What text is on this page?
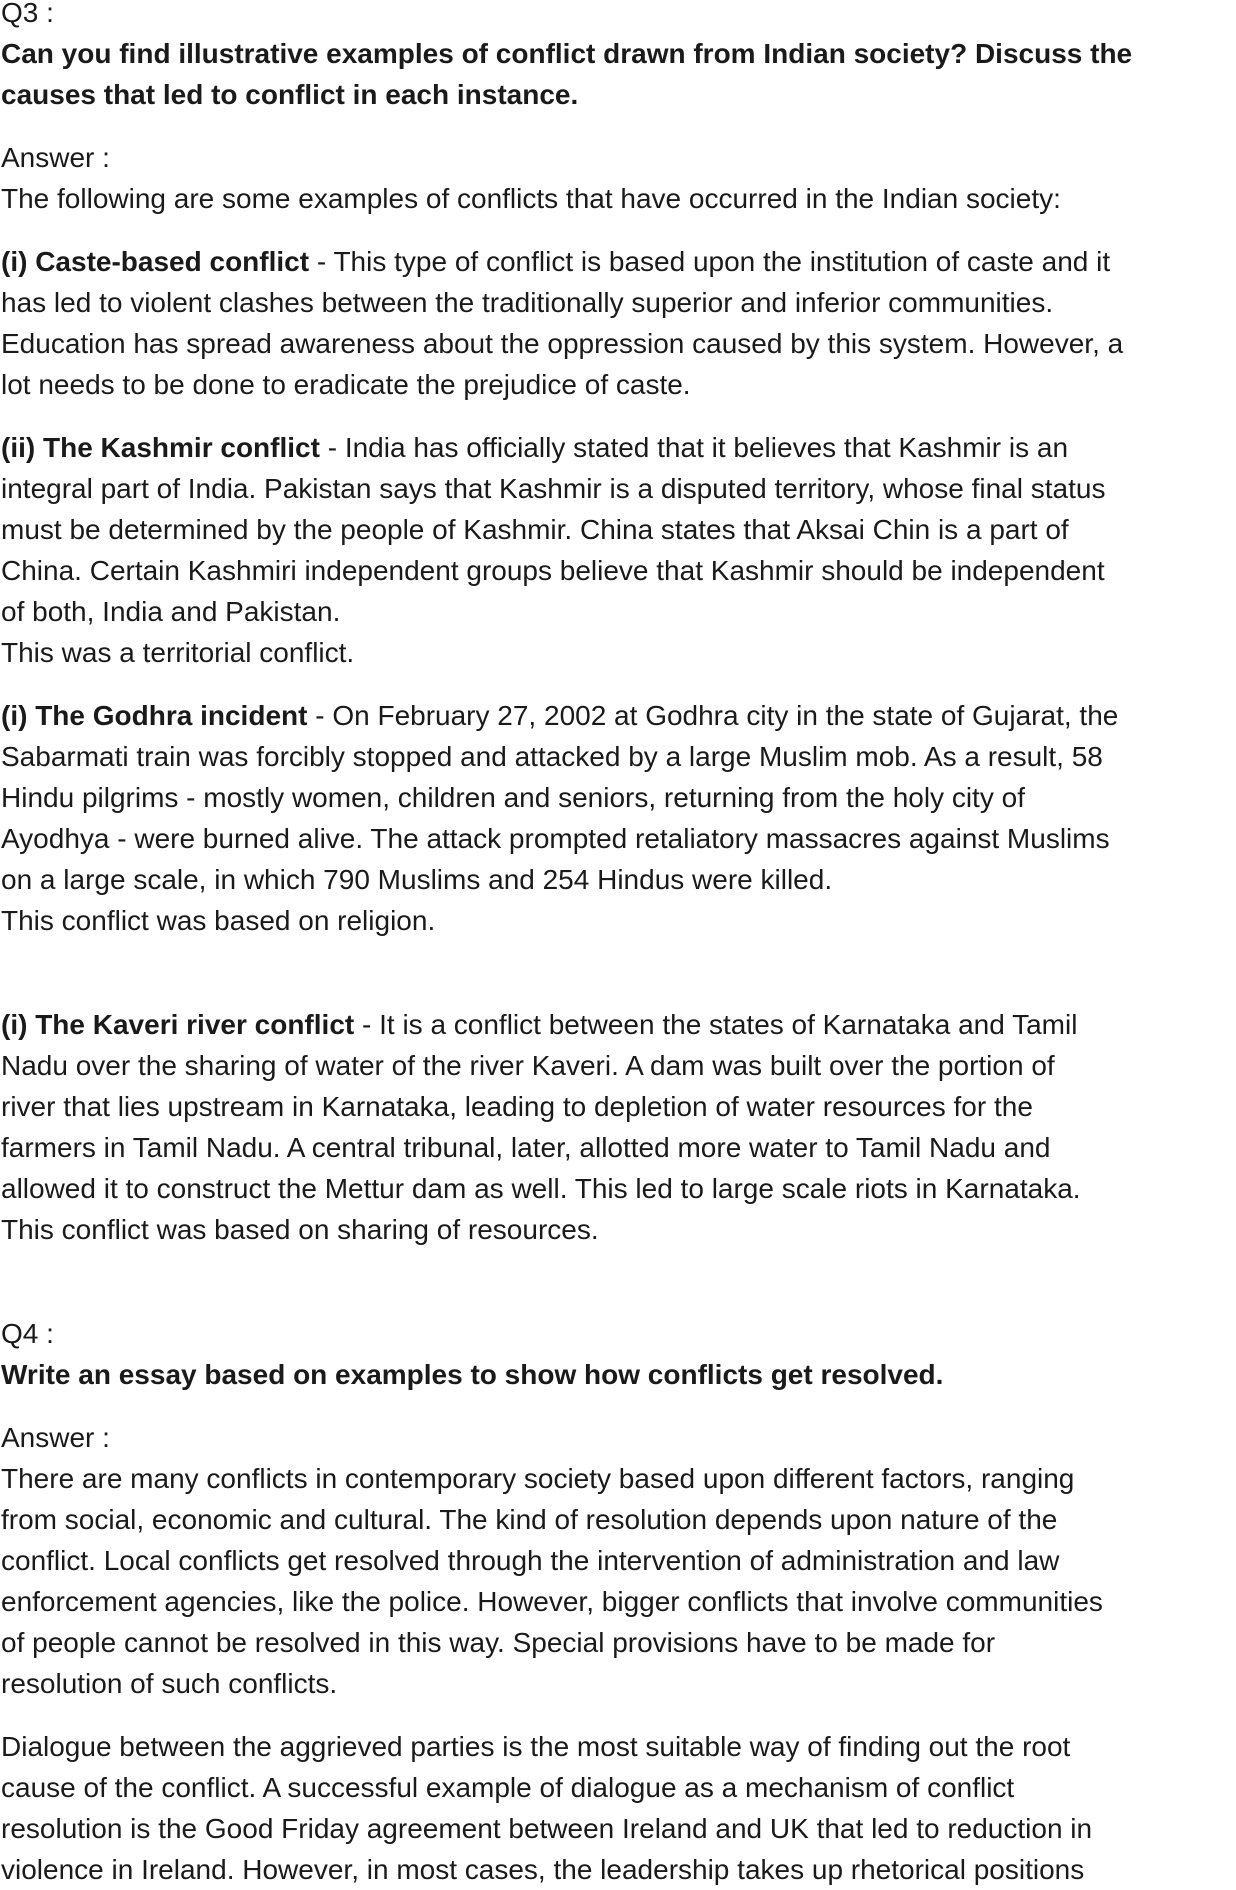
Q3 :
Can you find illustrative examples of conflict drawn from Indian society? Discuss the
causes that led to conflict in each instance.
Answer :
The following are some examples of conflicts that have occurred in the Indian society:
(i) Caste-based conflict - This type of conflict is based upon the institution of caste and it
has led to violent clashes between the traditionally superior and inferior communities.
Education has spread awareness about the oppression caused by this system. However, a
lot needs to be done to eradicate the prejudice of caste.
(ii) The Kashmir conflict - India has officially stated that it believes that Kashmir is an
integral part of India. Pakistan says that Kashmir is a disputed territory, whose final status
must be determined by the people of Kashmir. China states that Aksai Chin is a part of
China. Certain Kashmiri independent groups believe that Kashmir should be independent
of both, India and Pakistan.
This was a territorial conflict.
(i) The Godhra incident - On February 27, 2002 at Godhra city in the state of Gujarat, the
Sabarmati train was forcibly stopped and attacked by a large Muslim mob. As a result, 58
Hindu pilgrims - mostly women, children and seniors, returning from the holy city of
Ayodhya - were burned alive. The attack prompted retaliatory massacres against Muslims
on a large scale, in which 790 Muslims and 254 Hindus were killed.
This conflict was based on religion.
(i) The Kaveri river conflict - It is a conflict between the states of Karnataka and Tamil
Nadu over the sharing of water of the river Kaveri. A dam was built over the portion of
river that lies upstream in Karnataka, leading to depletion of water resources for the
farmers in Tamil Nadu. A central tribunal, later, allotted more water to Tamil Nadu and
allowed it to construct the Mettur dam as well. This led to large scale riots in Karnataka.
This conflict was based on sharing of resources.
Q4 :
Write an essay based on examples to show how conflicts get resolved.
Answer :
There are many conflicts in contemporary society based upon different factors, ranging
from social, economic and cultural. The kind of resolution depends upon nature of the
conflict. Local conflicts get resolved through the intervention of administration and law
enforcement agencies, like the police. However, bigger conflicts that involve communities
of people cannot be resolved in this way. Special provisions have to be made for
resolution of such conflicts.
Dialogue between the aggrieved parties is the most suitable way of finding out the root
cause of the conflict. A successful example of dialogue as a mechanism of conflict
resolution is the Good Friday agreement between Ireland and UK that led to reduction in
violence in Ireland. However, in most cases, the leadership takes up rhetorical positions
